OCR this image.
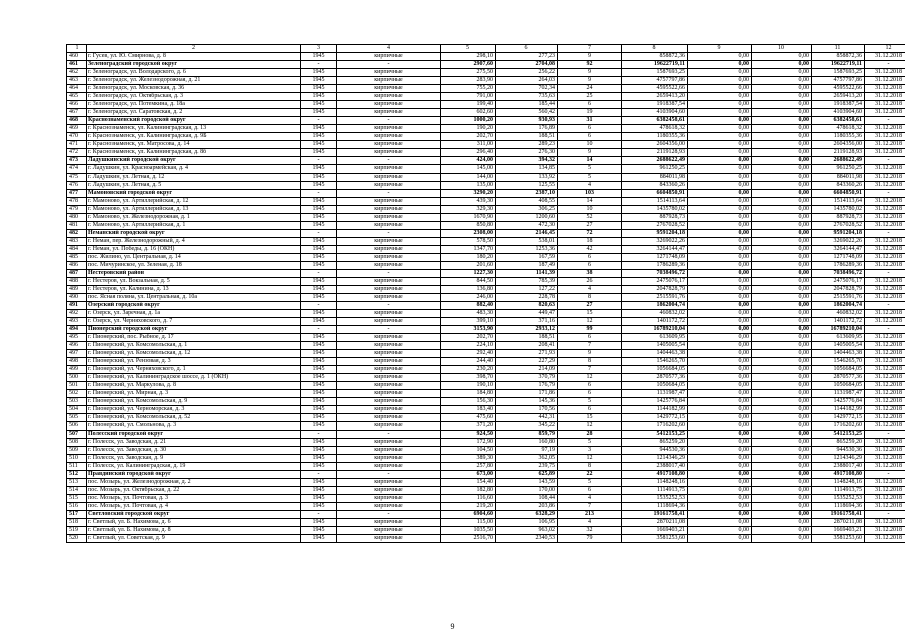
1	2	3	4	5	6	7	8	9	10	11	12
460	г. Гусев, ул. Ю. Смирнова, д. 8	1945	кирпичные	298,10	277,23	9	858872,36	0,00	0,00	858872,36	31.12.2018
461	Зеленоградский городской округ	-	-	2907,60	2704,08	92	19622719,11	0,00	0,00	19622719,11	-
462	г. Зеленоградск, ул. Володарского, д. 6	1945	кирпичные	275,50	256,22	9	1587693,25	0,00	0,00	1587693,25	31.12.2018
463	г. Зеленоградск, ул. Железнодорожная, д. 21	1945	кирпичные	283,90	264,03	9	4757797,86	0,00	0,00	4757797,86	31.12.2018
464	г. Зеленоградск, ул. Московская, д. 36	1945	кирпичные	755,20	702,34	24	4595522,66	0,00	0,00	4595522,66	31.12.2018
465	г. Зеленоградск, ул. Октябрьская, д. 3	1945	кирпичные	791,00	735,63	25	2659413,20	0,00	0,00	2659413,20	31.12.2018
466	г. Зеленоградск, ул. Потемкина, д. 18а	1945	кирпичные	199,40	185,44	6	1918387,54	0,00	0,00	1918387,54	31.12.2018
467	г. Зеленоградск, ул. Саратовская, д. 2	1945	кирпичные	602,60	560,42	19	4103904,60	0,00	0,00	4103904,60	31.12.2018
468	Краснознаменский городской округ	-	-	1000,20	930,93	31	6382458,61	0,00	0,00	6382458,61	-
469	г. Краснознаменск, ул. Калининградская, д. 13	1945	кирпичные	190,20	176,89	6	478618,32	0,00	0,00	478618,32	31.12.2018
470	г. Краснознаменск, ул. Калининградская, д. 9Б	1945	кирпичные	202,70	188,51	6	1180355,36	0,00	0,00	1180355,36	31.12.2018
471	г. Краснознаменск, ул. Матросова, д. 14	1945	кирпичные	311,00	289,23	10	2604356,00	0,00	0,00	2604356,00	31.12.2018
472	г. Краснознаменск, ул. Калининградская, д. 8б	1945	кирпичные	296,40	276,30	9	2119128,93	0,00	0,00	2119128,93	31.12.2018
473	Ладушкинский городской округ	-	-	424,00	394,32	14	2688622,49	0,00	0,00	2688622,49	-
474	г. Ладушкин, ул. Красноармейская, д. 4	1945	кирпичные	145,00	134,85	5	961250,25	0,00	0,00	961250,25	31.12.2018
475	г. Ладушкин, ул. Летная, д. 12	1945	кирпичные	144,00	133,92	5	884011,98	0,00	0,00	884011,98	31.12.2018
476	г. Ладушкин, ул. Летная, д. 5	1945	кирпичные	135,00	125,55	4	843360,26	0,00	0,00	843360,26	31.12.2018
477	Мамоновский городской округ	-	-	3290,20	2387,10	103	6604850,91	0,00	0,00	6604850,91	-
478	г. Мамоново, ул. Артиллерийская, д. 12	1945	кирпичные	439,30	408,55	14	1514113,64	0,00	0,00	1514113,64	31.12.2018
479	г. Мамоново, ул. Артиллерийская, д. 13	1945	кирпичные	329,30	306,25	10	1435780,02	0,00	0,00	1435780,02	31.12.2018
480	г. Мамоново, ул. Железнодорожная, д. 1	1945	кирпичные	1670,90	1200,60	52	887928,73	0,00	0,00	887928,73	31.12.2018
481	г. Мамоново, ул. Артиллерийская, д. 1	1945	кирпичные	850,80	472,30	27	2767028,52	0,00	0,00	2767028,52	31.12.2018
482	Неманский городской округ	-	-	2308,00	2146,45	72	9591204,18	0,00	0,00	9591204,18	-
483	г. Неман, пер. Железнодорожный, д. 4	1945	кирпичные	578,50	538,01	18	3269022,26	0,00	0,00	3269022,26	31.12.2018
484	г. Неман, ул. Победы, д. 16 (ОКН)	1945	кирпичные	1347,70	1253,36	42	3264144,47	0,00	0,00	3264144,47	31.12.2018
485	пос. Жилино, ул. Центральная, д. 14	1945	кирпичные	180,20	167,59	6	1271748,09	0,00	0,00	1271748,09	31.12.2018
486	пос. Мичуринское, ул. Зеленая, д. 18	1945	кирпичные	201,60	187,49	6	1786289,36	0,00	0,00	1786289,36	31.12.2018
487	Нестеровский район	-	-	1227,30	1141,39	38	7038496,72	0,00	0,00	7038496,72	-
488	г. Нестеров, ул. Вокзальная, д. 5	1945	кирпичные	844,50	785,39	26	2475076,17	0,00	0,00	2475076,17	31.12.2018
489	г. Нестеров, ул. Калинина, д. 13	1945	кирпичные	136,80	127,22	4	2047828,79	0,00	0,00	2047828,79	31.12.2018
490	пос. Ясная поляна, ул. Центральная, д. 10а	1945	кирпичные	246,00	228,78	8	2515591,76	0,00	0,00	2515591,76	31.12.2018
491	Озерский городской округ	-	-	882,40	820,63	27	1862004,74	0,00	0,00	1862004,74	-
492	г. Озерск, ул. Заречная, д. 1а	1945	кирпичные	483,30	449,47	15	460832,02	0,00	0,00	460832,02	31.12.2018
493	г. Озерск, ул. Черняховского, д. 7	1945	кирпичные	399,10	371,16	12	1401172,72	0,00	0,00	1401172,72	31.12.2018
494	Пионерский городской округ	-	-	3153,90	2933,12	99	16789210,04	0,00	0,00	16789210,04	-
495	г. Пионерский, пос. Рыбное, д. 17	1945	кирпичные	202,70	188,51	6	613609,95	0,00	0,00	613609,95	31.12.2018
496	г. Пионерский, ул. Комсомольская, д. 1	1945	кирпичные	224,10	208,41	7	1405005,54	0,00	0,00	1405005,54	31.12.2018
497	г. Пионерский, ул. Комсомольская, д. 12	1945	кирпичные	292,40	271,93	9	1404463,38	0,00	0,00	1404463,38	31.12.2018
498	г. Пионерский, ул. Рензовая, д. 3	1945	кирпичные	244,40	227,29	8	1546265,70	0,00	0,00	1546265,70	31.12.2018
499	г. Пионерский, ул. Черняховского, д. 1	1945	кирпичные	230,20	214,09	7	1056684,05	0,00	0,00	1056684,05	31.12.2018
500	г. Пионерский, ул. Калининградское шоссе, д. 1 (ОКН)	1945	кирпичные	398,70	370,79	12	2870577,36	0,00	0,00	2870577,36	31.12.2018
501	г. Пионерский, ул. Маркулова, д. 8	1945	кирпичные	190,10	176,79	6	1050684,05	0,00	0,00	1050684,05	31.12.2018
502	г. Пионерский, ул. Мирная, д. 3	1945	кирпичные	184,80	171,86	6	1131987,47	0,00	0,00	1131987,47	31.12.2018
503	г. Пионерский, ул. Комсомольская, д. 9	1945	кирпичные	156,30	145,36	5	1425776,84	0,00	0,00	1425776,84	31.12.2018
504	г. Пионерский, ул. Черноморская, д. 3	1945	кирпичные	183,40	170,56	6	1144182,99	0,00	0,00	1144182,99	31.12.2018
505	г. Пионерский, ул. Комсомольская, д. 52	1945	кирпичные	475,60	442,31	15	1429772,15	0,00	0,00	1429772,15	31.12.2018
506	г. Пионерский, ул. Смольнова, д. 3	1945	кирпичные	371,20	345,22	12	1716202,60	0,00	0,00	1716202,60	31.12.2018
507	Полесский городской округ	-	-	924,50	859,79	28	5412153,25	0,00	0,00	5412153,25	-
508	г. Полесск, ул. Заводская, д. 21	1945	кирпичные	172,90	160,80	5	865259,20	0,00	0,00	865259,20	31.12.2018
509	г. Полесск, ул. Заводская, д. 30	1945	кирпичные	104,50	97,19	3	944530,36	0,00	0,00	944530,36	31.12.2018
510	г. Полесск, ул. Заводская, д. 9	1945	кирпичные	389,30	362,05	12	1214346,29	0,00	0,00	1214346,29	31.12.2018
511	г. Полесск, ул. Калининградская, д. 19	1945	кирпичные	257,80	239,75	8	2388017,40	0,00	0,00	2388017,40	31.12.2018
512	Правдинский городской округ	-	-	673,00	625,89	22	4917108,80	0,00	0,00	4917108,80	-
513	пос. Мозырь, ул. Железнодорожная, д. 2	1945	кирпичные	154,40	143,59	5	1148248,16	0,00	0,00	1148248,16	31.12.2018
514	пос. Мозырь, ул. Октябрьская, д. 22	1945	кирпичные	182,80	170,00	6	1114913,75	0,00	0,00	1114913,75	31.12.2018
515	пос. Мозырь, ул. Почтовая, д. 3	1945	кирпичные	116,60	108,44	4	1535252,53	0,00	0,00	1535252,53	31.12.2018
516	пос. Мозырь, ул. Почтовая, д. 4	1945	кирпичные	219,20	203,86	7	1118694,36	0,00	0,00	1118694,36	31.12.2018
517	Светловский городской округ	-	-	6904,60	6328,29	213	19161758,41	0,00	0,00	19161758,41	-
518	г. Светлый, ул. Б. Нахимова, д. 6	1945	кирпичные	115,00	106,95	4	2870211,08	0,00	0,00	2870211,08	31.12.2018
519	г. Светлый, ул. Б. Нахимова, д. 8	1945	кирпичные	1035,50	963,02	32	1669403,21	0,00	0,00	1669403,21	31.12.2018
520	г. Светлый, ул. Советская, д. 9	1945	кирпичные	2516,70	2340,53	79	3581253,60	0,00	0,00	3581253,60	31.12.2018
9
